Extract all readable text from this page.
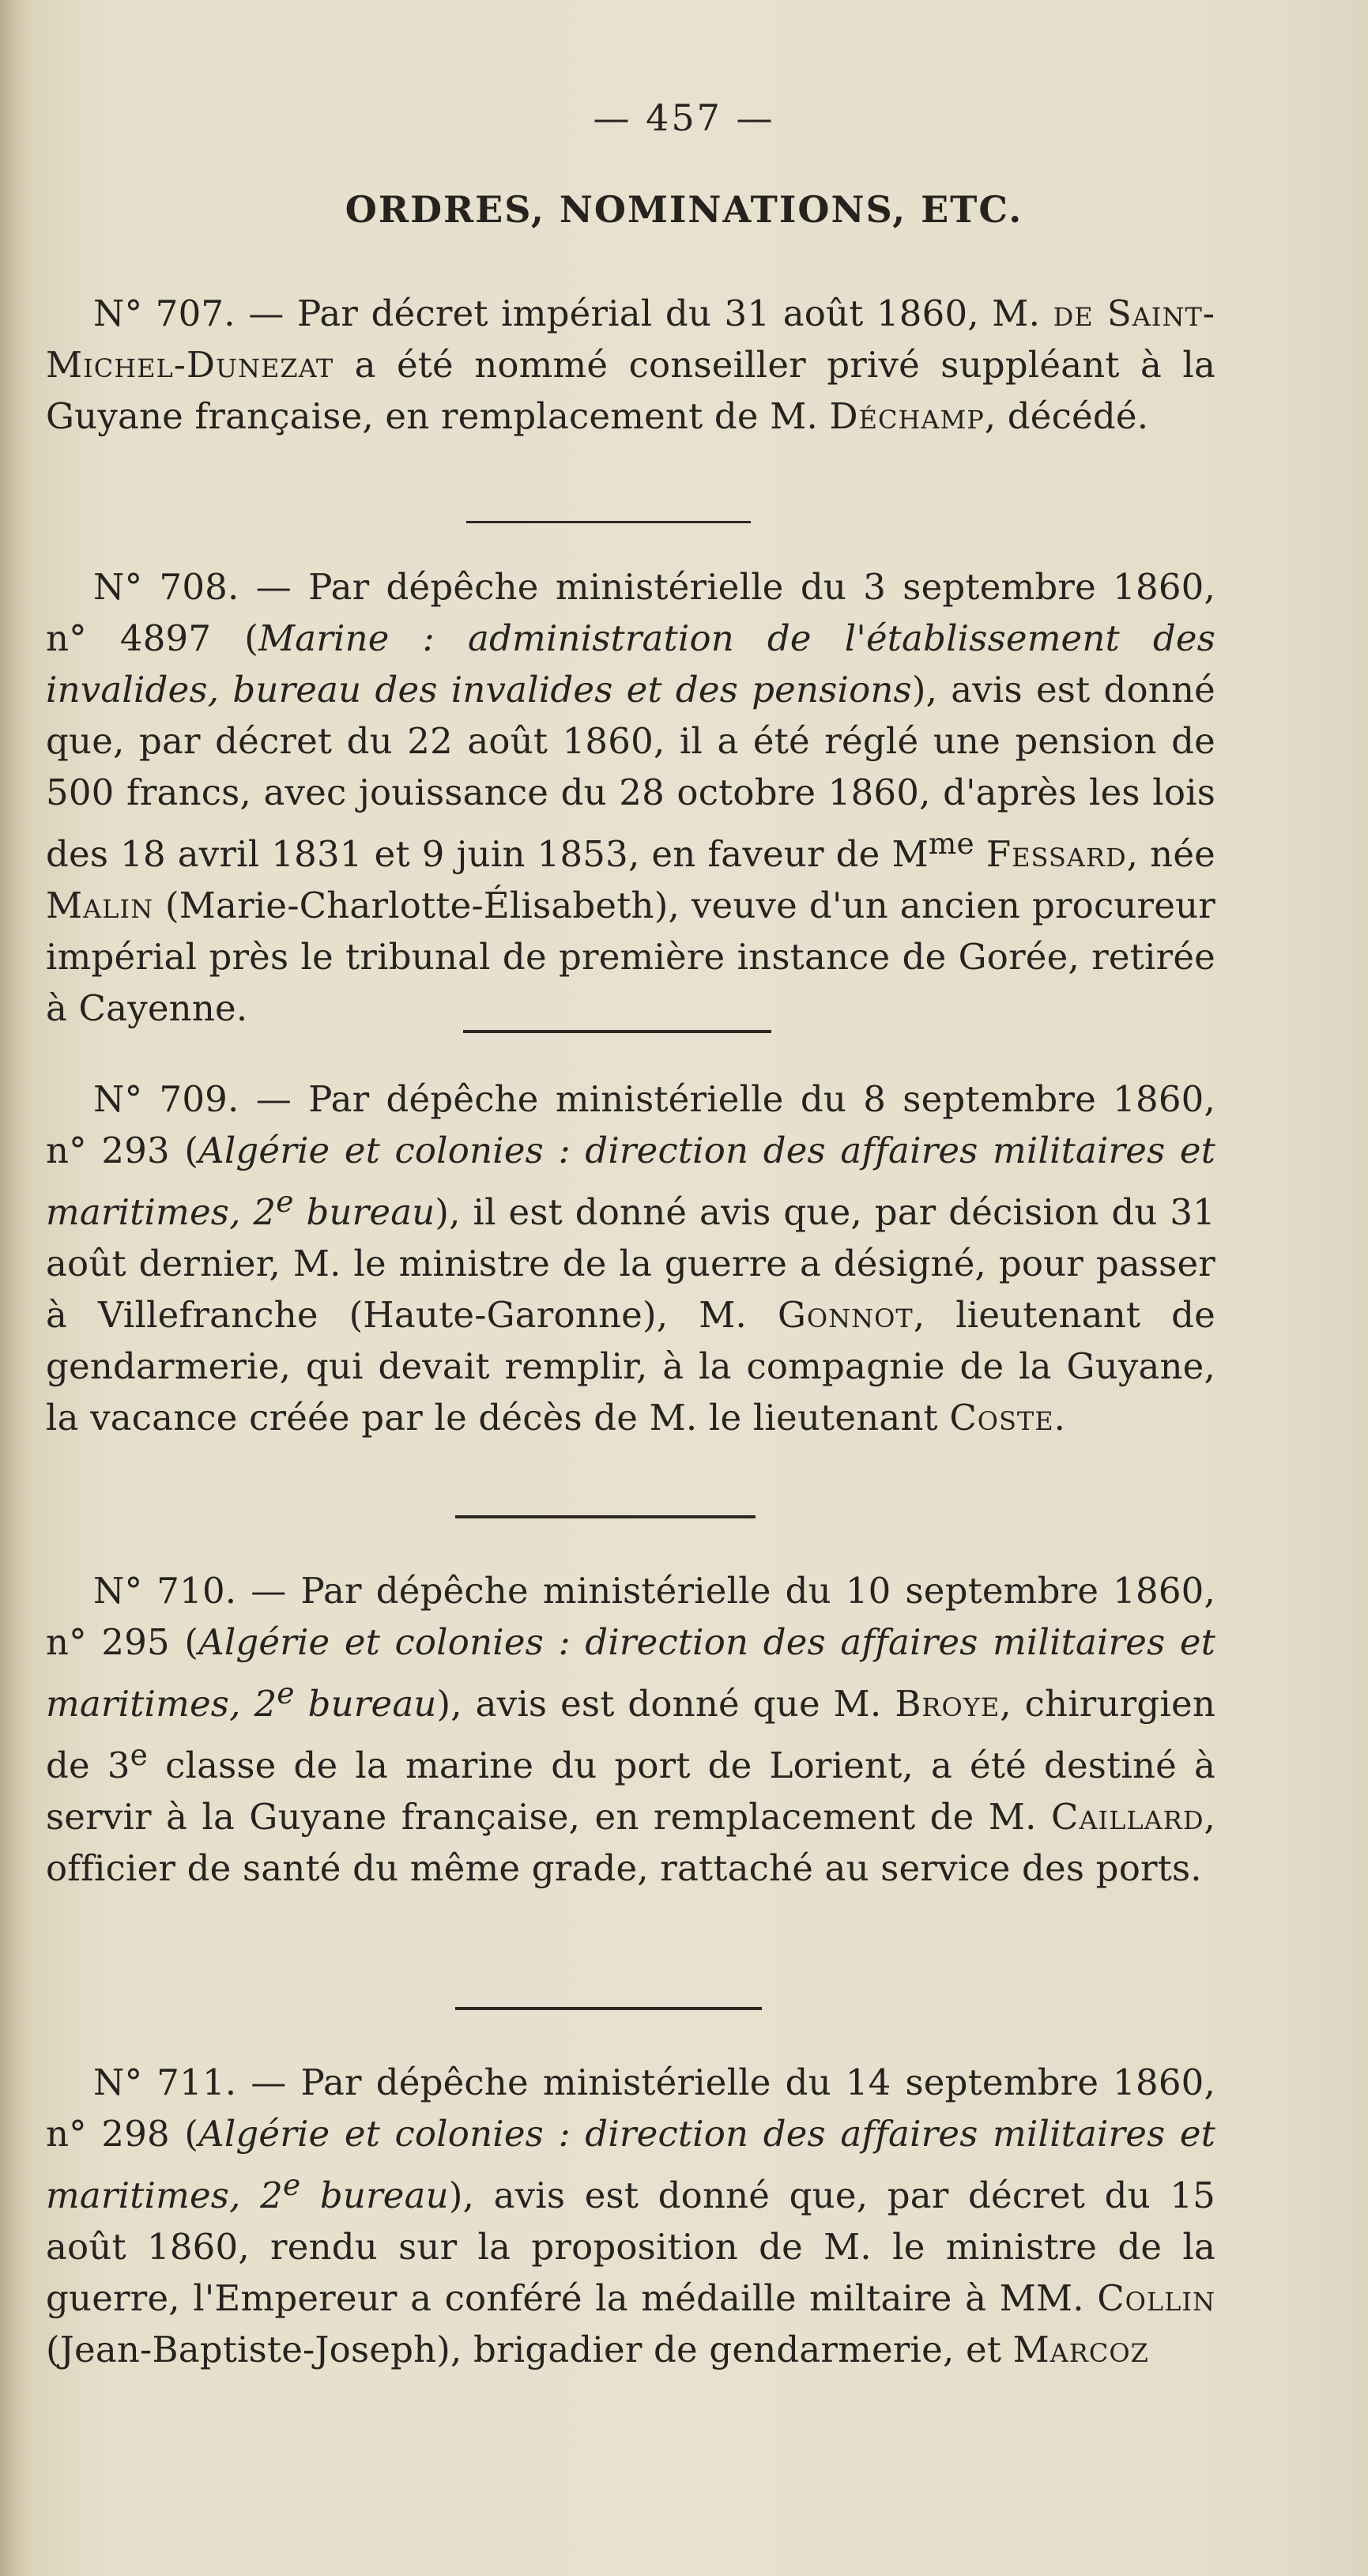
— 457 —
ORDRES, NOMINATIONS, ETC.

N° 707. — Par décret impérial du 31 août 1860, M. de Saint-Michel-Dunezat a été nommé conseiller privé suppléant à la Guyane française, en remplacement de M. Déchamp, décédé.

N° 708. — Par dépêche ministérielle du 3 septembre 1860, n° 4897 (Marine : administration de l'établissement des invalides, bureau des invalides et des pensions), avis est donné que, par décret du 22 août 1860, il a été réglé une pension de 500 francs, avec jouissance du 28 octobre 1860, d'après les lois des 18 avril 1831 et 9 juin 1853, en faveur de $M^{me}$ Fessard, née Malin (Marie-Charlotte-Élisabeth), veuve d'un ancien procureur impérial près le tribunal de première instance de Gorée, retirée à Cayenne.

N° 709. — Par dépêche ministérielle du 8 septembre 1860, n° 293 (Algérie et colonies : direction des affaires militaires et maritimes, 2e bureau), il est donné avis que, par décision du 31 août dernier, M. le ministre de la guerre a désigné, pour passer à Villefranche (Haute-Garonne), M. Gonnot, lieutenant de gendarmerie, qui devait remplir, à la compagnie de la Guyane, la vacance créée par le décès de M. le lieutenant Coste.

N° 710. — Par dépêche ministérielle du 10 septembre 1860, n° 295 (Algérie et colonies : direction des affaires militaires et maritimes, 2e bureau), avis est donné que M. Broye, chirurgien de 3e classe de la marine du port de Lorient, a été destiné à servir à la Guyane française, en remplacement de M. Caillard, officier de santé du même grade, rattaché au service des ports.

N° 711. — Par dépêche ministérielle du 14 septembre 1860, n° 298 (Algérie et colonies : direction des affaires militaires et maritimes, 2e bureau), avis est donné que, par décret du 15 août 1860, rendu sur la proposition de M. le ministre de la guerre, l'Empereur a conféré la médaille miltaire à MM. Collin (Jean-Baptiste-Joseph), brigadier de gendarmerie, et Marcoz
